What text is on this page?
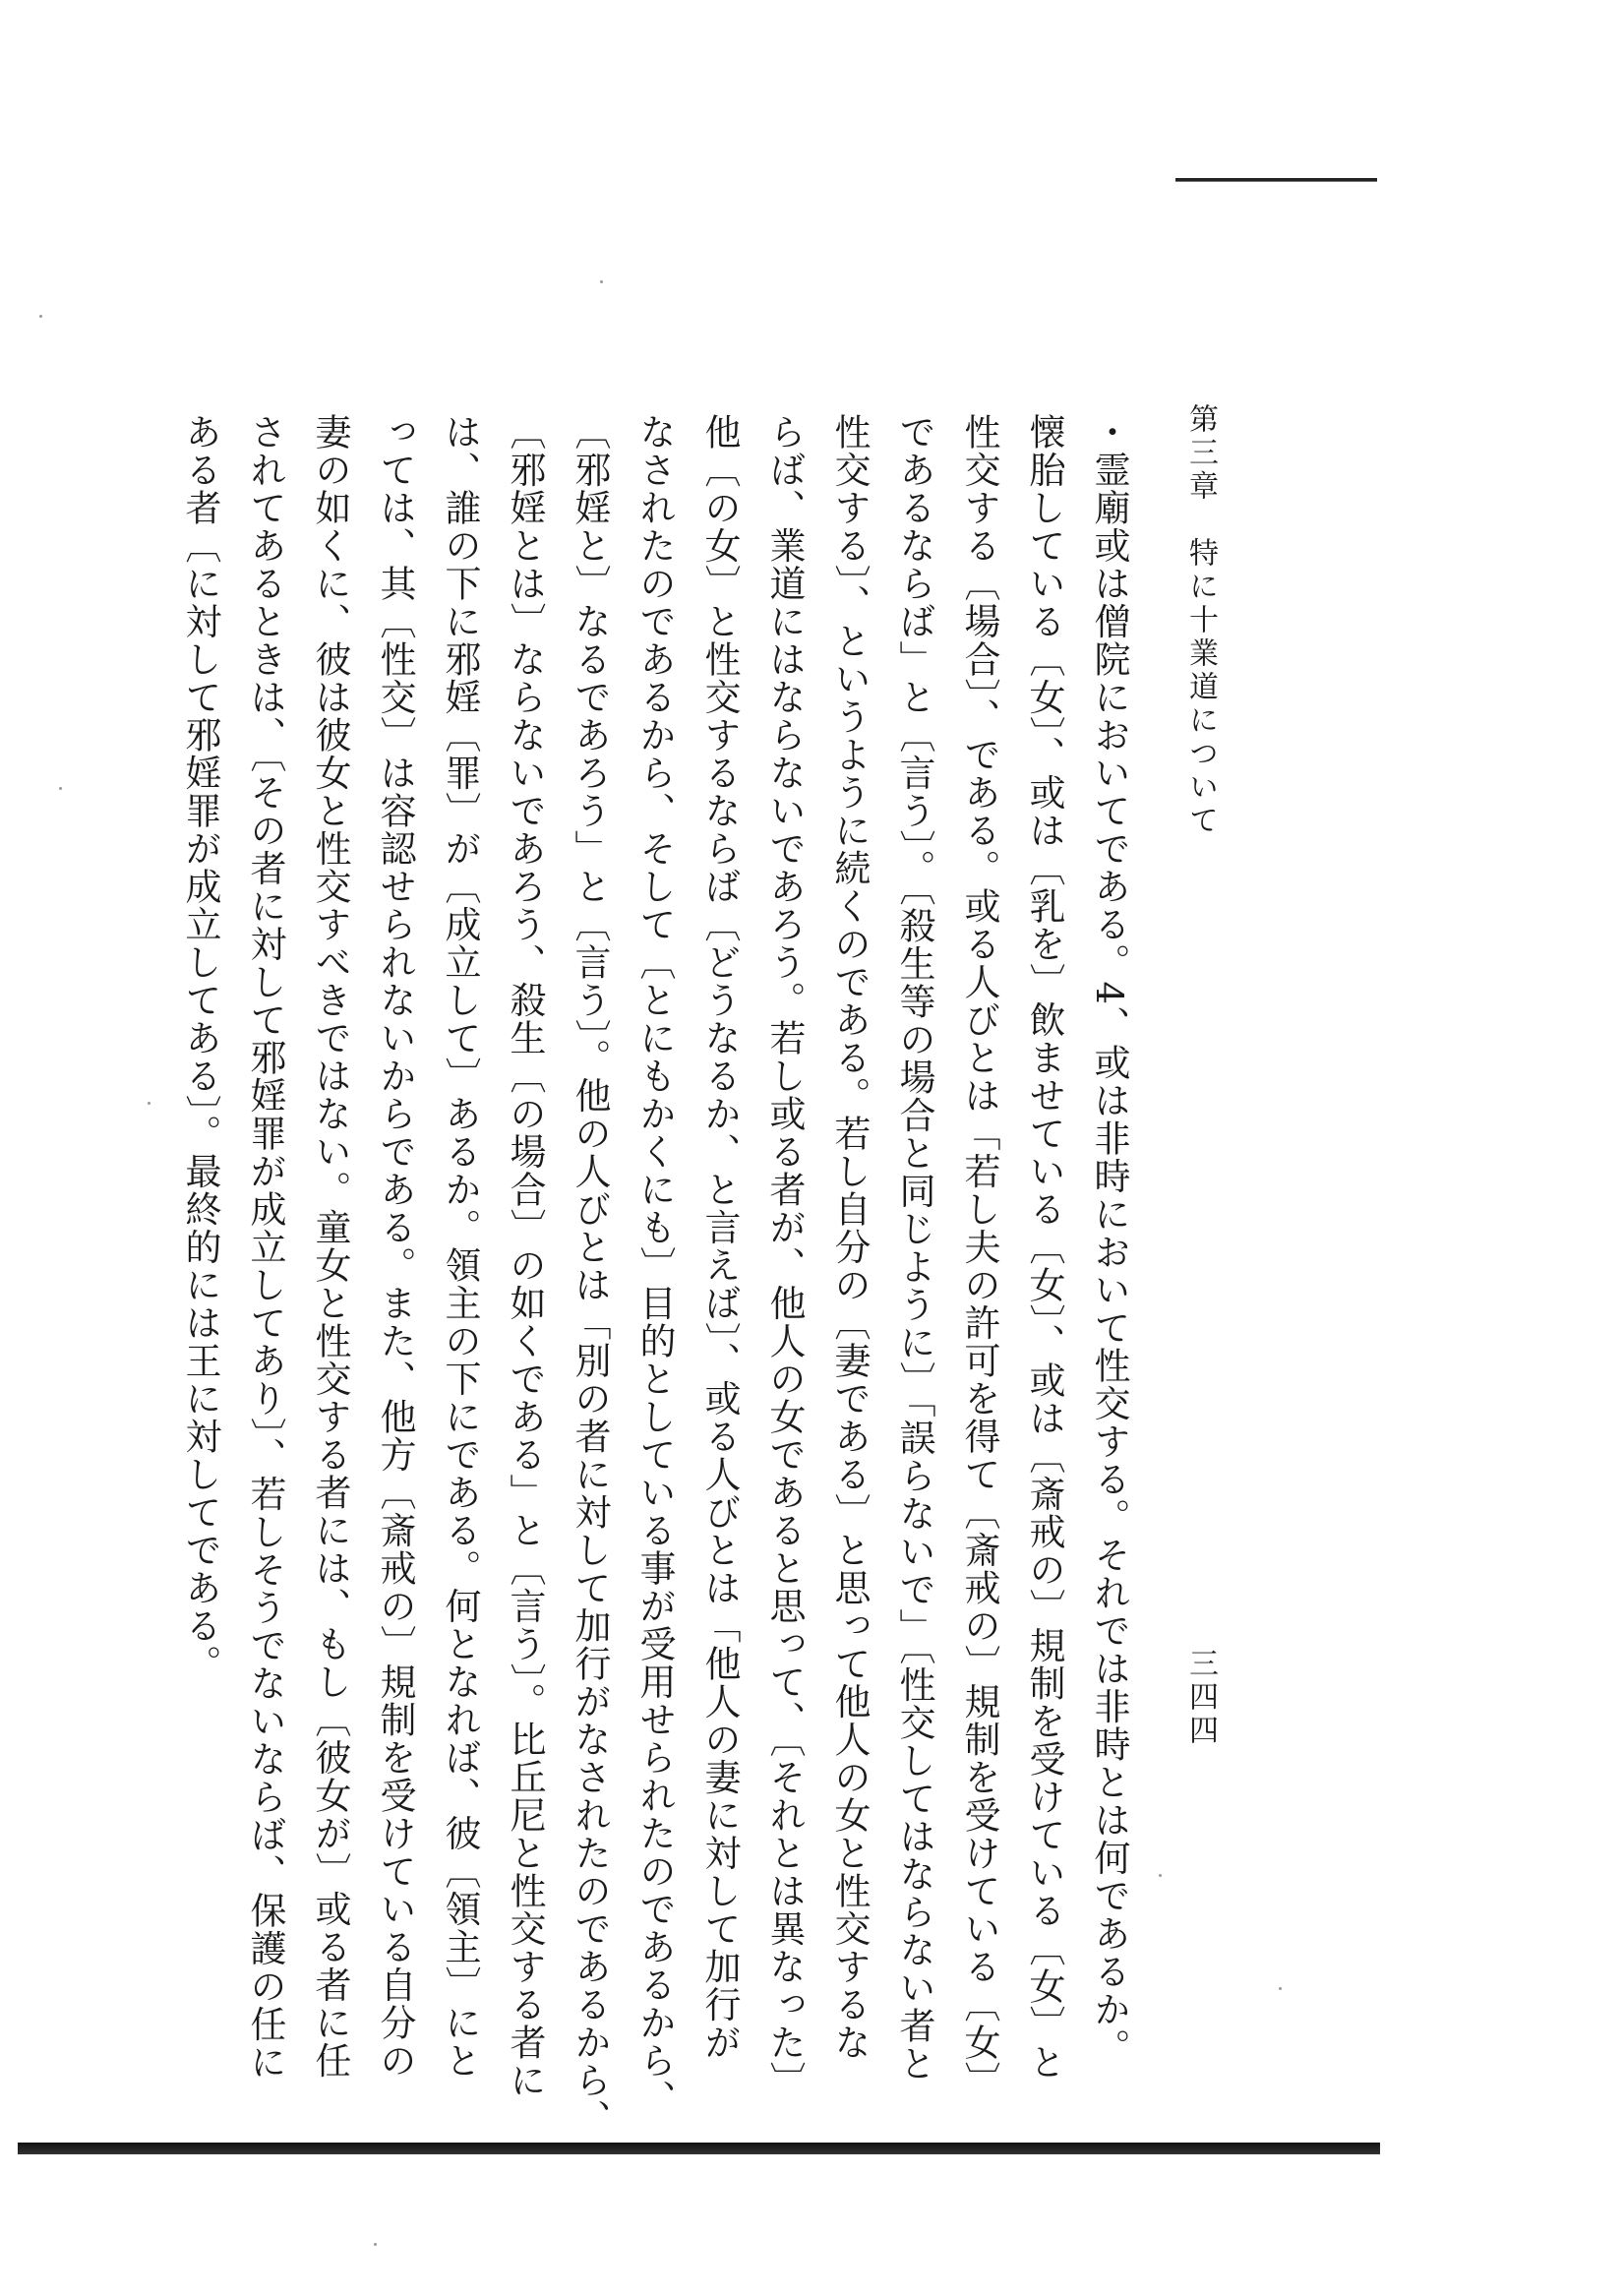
第三章　特に十業道について
三四四
・霊廟或は僧院においてである。4、或は非時において性交する。それでは非時とは何であるか。
懐胎している〔女〕、或は〔乳を〕飲ませている〔女〕、或は〔斎戒の〕規制を受けている〔女〕と
性交する〔場合〕、である。或る人びとは「若し夫の許可を得て〔斎戒の〕規制を受けている〔女〕
であるならば」と〔言う〕。〔殺生等の場合と同じように〕「誤らないで」〔性交してはならない者と
性交する〕、というように続くのである。若し自分の〔妻である〕と思って他人の女と性交するな
らば、業道にはならないであろう。若し或る者が、他人の女であると思って、〔それとは異なった〕
他〔の女〕と性交するならば〔どうなるか、と言えば〕、或る人びとは「他人の妻に対して加行が
なされたのであるから、そして〔とにもかくにも〕目的としている事が受用せられたのであるから、
〔邪婬と〕なるであろう」と〔言う〕。他の人びとは「別の者に対して加行がなされたのであるから、
〔邪婬とは〕ならないであろう、殺生〔の場合〕の如くである」と〔言う〕。比丘尼と性交する者に
は、誰の下に邪婬〔罪〕が〔成立して〕あるか。領主の下にである。何となれば、彼〔領主〕にと
っては、其〔性交〕は容認せられないからである。また、他方〔斎戒の〕規制を受けている自分の
妻の如くに、彼は彼女と性交すべきではない。童女と性交する者には、もし〔彼女が〕或る者に任
されてあるときは、〔その者に対して邪婬罪が成立してあり〕、若しそうでないならば、保護の任に
ある者〔に対して邪婬罪が成立してある〕。最終的には王に対してである。
